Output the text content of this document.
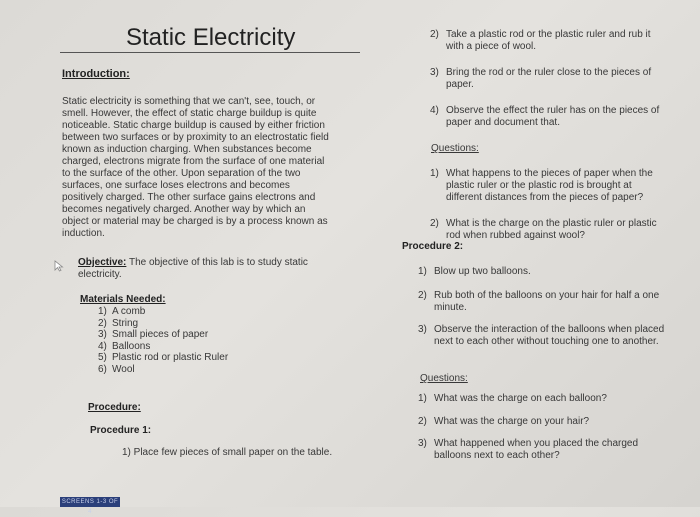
Static Electricity
Introduction:
Static electricity is something that we can't, see, touch, or
smell. However, the effect of static charge buildup is quite
noticeable. Static charge buildup is caused by either friction
between two surfaces or by proximity to an electrostatic field
known as induction charging. When substances become
charged, electrons migrate from the surface of one material
to the surface of the other. Upon separation of the two
surfaces, one surface loses electrons and becomes
positively charged. The other surface gains electrons and
becomes negatively charged. Another way by which an
object or material may be charged is by a process known as
induction.
Objective: The objective of this lab is to study static
electricity.
Materials Needed:
1) A comb
2) String
3) Small pieces of paper
4) Balloons
5) Plastic rod or plastic Ruler
6) Wool
Procedure:
Procedure 1:
1) Place few pieces of small paper on the table.
SCREENS 1-3 OF 4
2) Take a plastic rod or the plastic ruler and rub it
with a piece of wool.
3) Bring the rod or the ruler close to the pieces of
paper.
4) Observe the effect the ruler has on the pieces of
paper and document that.
Questions:
1) What happens to the pieces of paper when the
plastic ruler or the plastic rod is brought at
different distances from the pieces of paper?
2) What is the charge on the plastic ruler or plastic
rod when rubbed against wool?
Procedure 2:
1) Blow up two balloons.
2) Rub both of the balloons on your hair for half a one
minute.
3) Observe the interaction of the balloons when placed
next to each other without touching one to another.
Questions:
1) What was the charge on each balloon?
2) What was the charge on your hair?
3) What happened when you placed the charged
balloons next to each other?
